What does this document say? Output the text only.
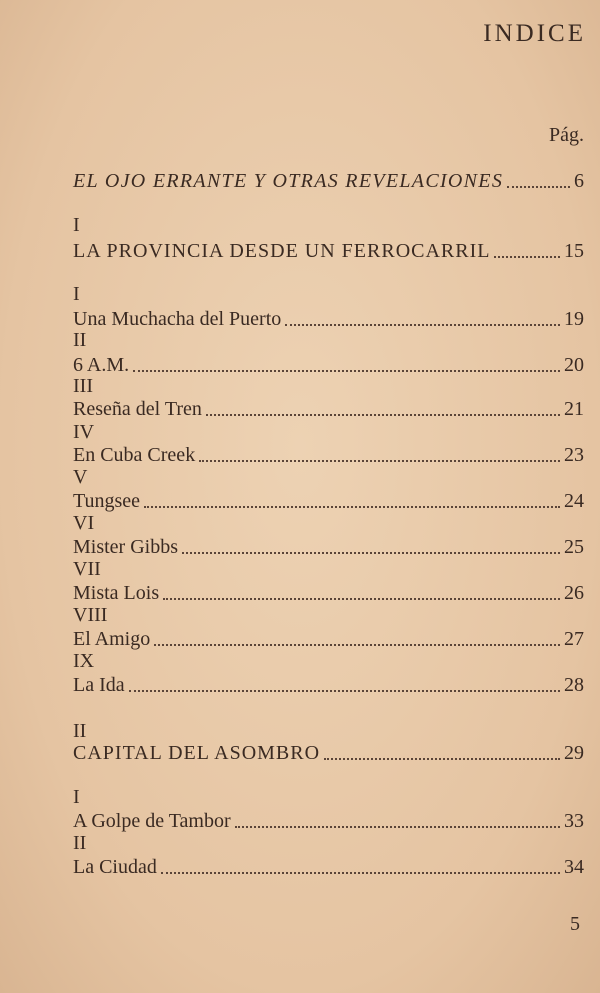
INDICE
Pág.
EL OJO ERRANTE Y OTRAS REVELACIONES	6
I
LA PROVINCIA DESDE UN FERROCARRIL	15
I
Una Muchacha del Puerto	19
II
6 A.M.	20
III
Reseña del Tren	21
IV
En Cuba Creek	23
V
Tungsee	24
VI
Mister Gibbs	25
VII
Mista Lois	26
VIII
El Amigo	27
IX
La Ida	28
II
CAPITAL DEL ASOMBRO	29
I
A Golpe de Tambor	33
II
La Ciudad	34
5
